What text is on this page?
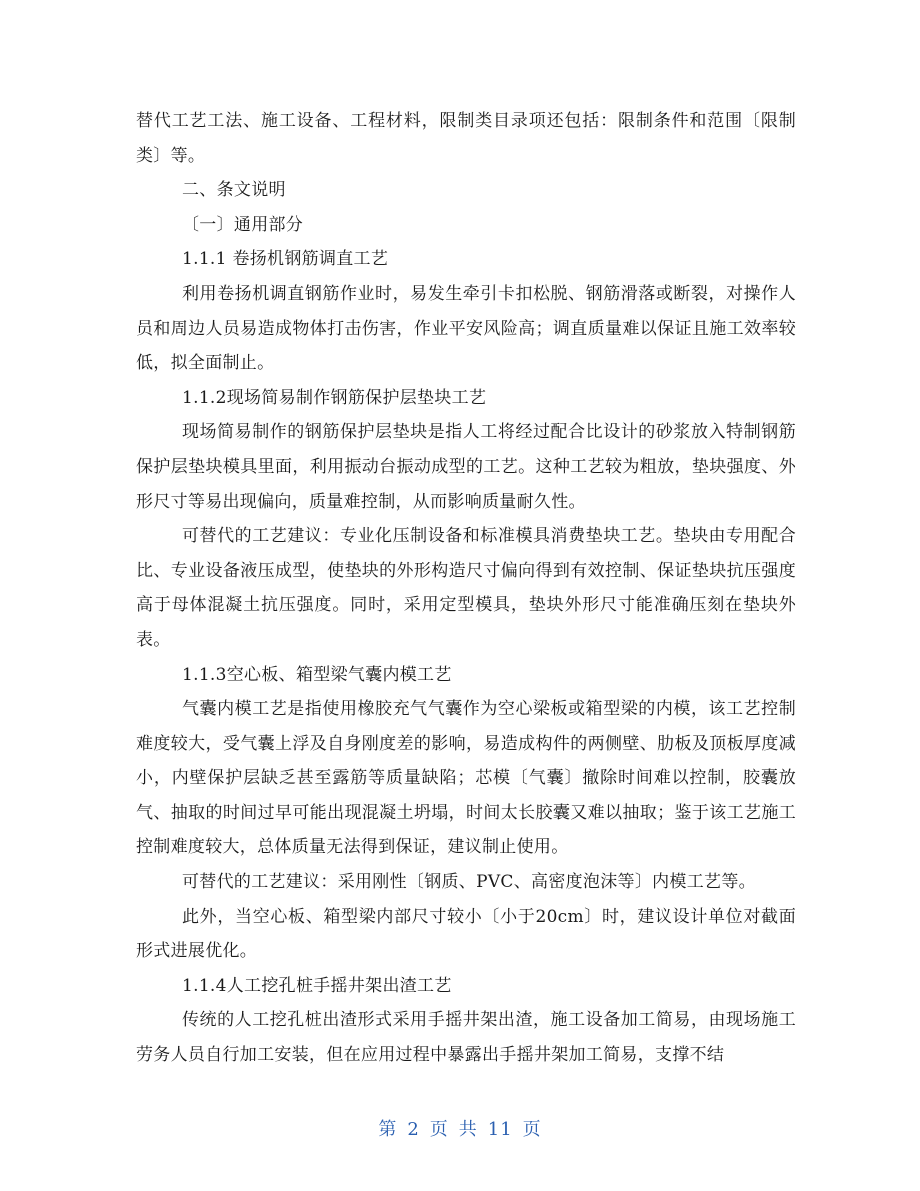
替代工艺工法、施工设备、工程材料，限制类目录项还包括：限制条件和范围〔限制类〕等。

二、条文说明

〔一〕通用部分

1.1.1 卷扬机钢筋调直工艺

利用卷扬机调直钢筋作业时，易发生牵引卡扣松脱、钢筋滑落或断裂，对操作人员和周边人员易造成物体打击伤害，作业平安风险高；调直质量难以保证且施工效率较低，拟全面制止。

1.1.2现场简易制作钢筋保护层垫块工艺

现场简易制作的钢筋保护层垫块是指人工将经过配合比设计的砂浆放入特制钢筋保护层垫块模具里面，利用振动台振动成型的工艺。这种工艺较为粗放，垫块强度、外形尺寸等易出现偏向，质量难控制，从而影响质量耐久性。

可替代的工艺建议：专业化压制设备和标准模具消费垫块工艺。垫块由专用配合比、专业设备液压成型，使垫块的外形构造尺寸偏向得到有效控制、保证垫块抗压强度高于母体混凝土抗压强度。同时，采用定型模具，垫块外形尺寸能准确压刻在垫块外表。

1.1.3空心板、箱型梁气囊内模工艺

气囊内模工艺是指使用橡胶充气气囊作为空心梁板或箱型梁的内模，该工艺控制难度较大，受气囊上浮及自身刚度差的影响，易造成构件的两侧壁、肋板及顶板厚度减小，内壁保护层缺乏甚至露筋等质量缺陷；芯模〔气囊〕撤除时间难以控制，胶囊放气、抽取的时间过早可能出现混凝土坍塌，时间太长胶囊又难以抽取；鉴于该工艺施工控制难度较大，总体质量无法得到保证，建议制止使用。

可替代的工艺建议：采用刚性〔钢质、PVC、高密度泡沫等〕内模工艺等。

此外，当空心板、箱型梁内部尺寸较小〔小于20cm〕时，建议设计单位对截面形式进展优化。

1.1.4人工挖孔桩手摇井架出渣工艺

传统的人工挖孔桩出渣形式采用手摇井架出渣，施工设备加工简易，由现场施工劳务人员自行加工安装，但在应用过程中暴露出手摇井架加工简易，支撑不结

第 2 页 共 11 页
